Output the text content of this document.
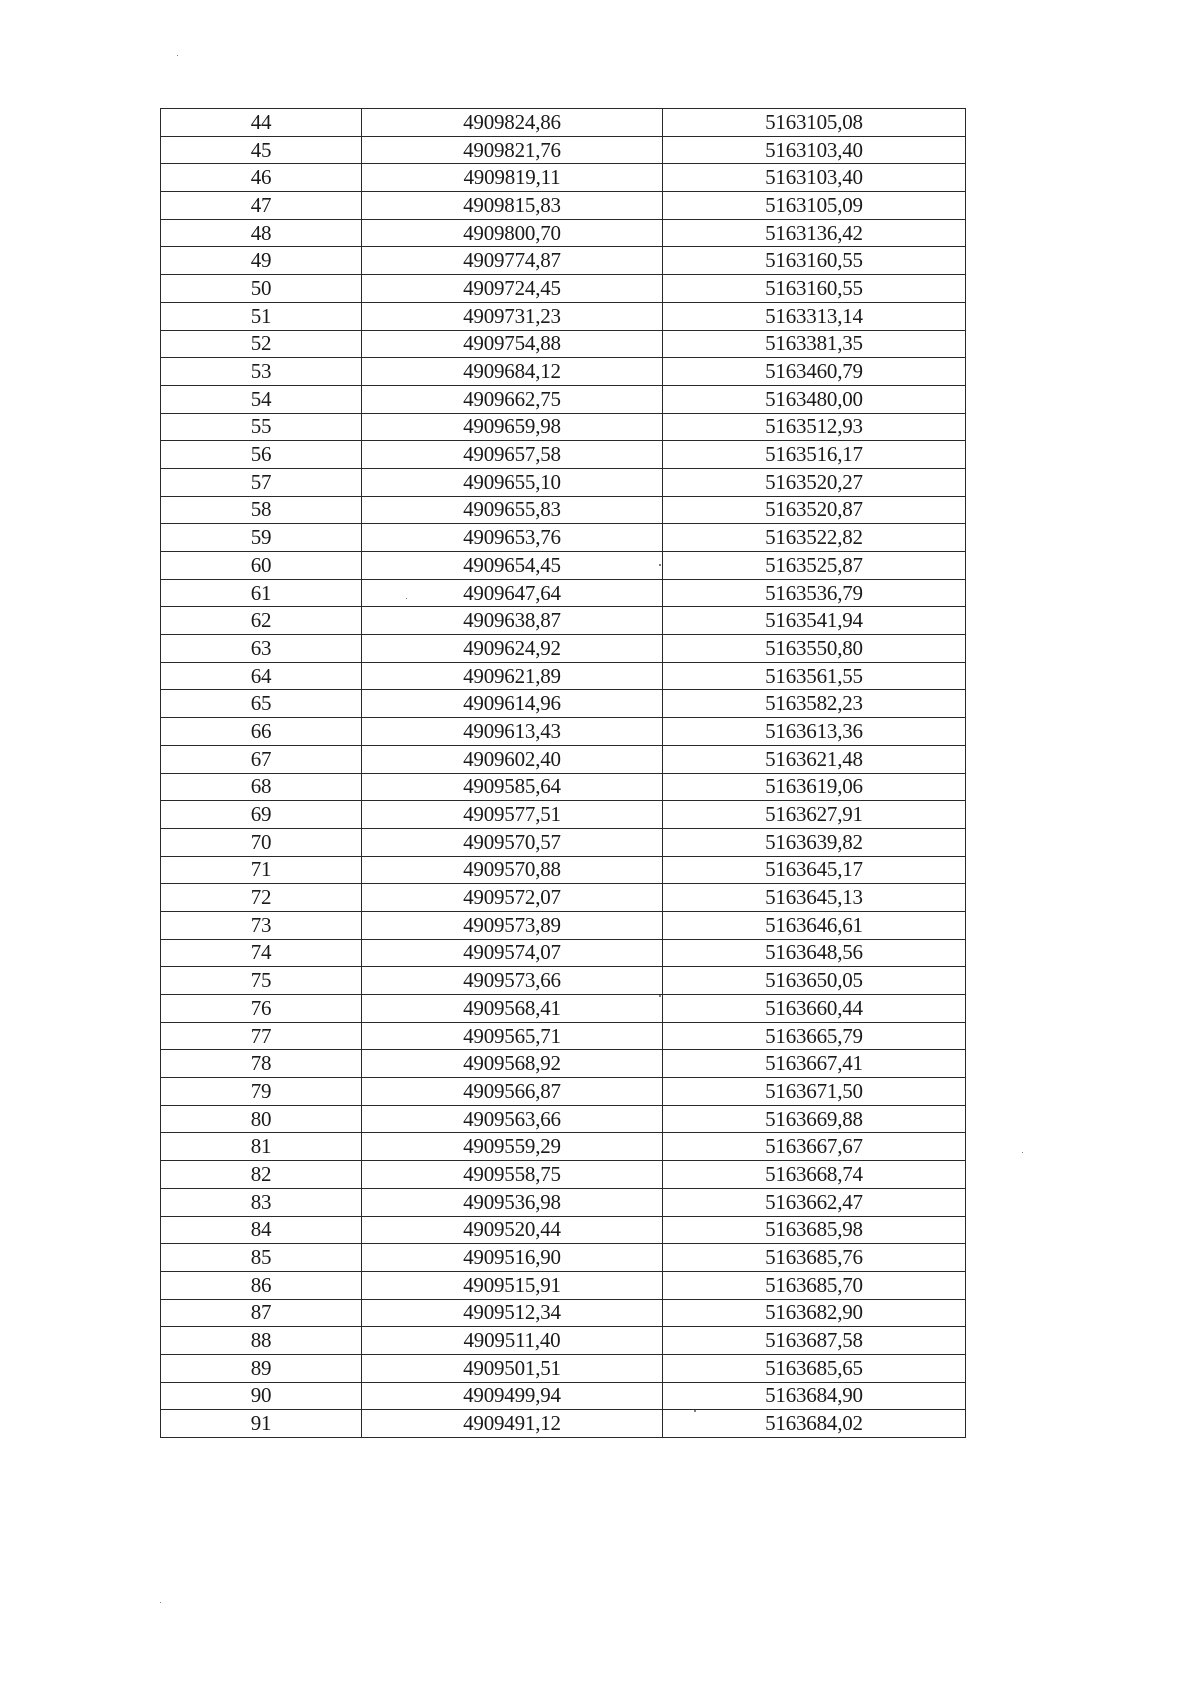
44	4909824,86	5163105,08
45	4909821,76	5163103,40
46	4909819,11	5163103,40
47	4909815,83	5163105,09
48	4909800,70	5163136,42
49	4909774,87	5163160,55
50	4909724,45	5163160,55
51	4909731,23	5163313,14
52	4909754,88	5163381,35
53	4909684,12	5163460,79
54	4909662,75	5163480,00
55	4909659,98	5163512,93
56	4909657,58	5163516,17
57	4909655,10	5163520,27
58	4909655,83	5163520,87
59	4909653,76	5163522,82
60	4909654,45	5163525,87
61	4909647,64	5163536,79
62	4909638,87	5163541,94
63	4909624,92	5163550,80
64	4909621,89	5163561,55
65	4909614,96	5163582,23
66	4909613,43	5163613,36
67	4909602,40	5163621,48
68	4909585,64	5163619,06
69	4909577,51	5163627,91
70	4909570,57	5163639,82
71	4909570,88	5163645,17
72	4909572,07	5163645,13
73	4909573,89	5163646,61
74	4909574,07	5163648,56
75	4909573,66	5163650,05
76	4909568,41	5163660,44
77	4909565,71	5163665,79
78	4909568,92	5163667,41
79	4909566,87	5163671,50
80	4909563,66	5163669,88
81	4909559,29	5163667,67
82	4909558,75	5163668,74
83	4909536,98	5163662,47
84	4909520,44	5163685,98
85	4909516,90	5163685,76
86	4909515,91	5163685,70
87	4909512,34	5163682,90
88	4909511,40	5163687,58
89	4909501,51	5163685,65
90	4909499,94	5163684,90
91	4909491,12	5163684,02
